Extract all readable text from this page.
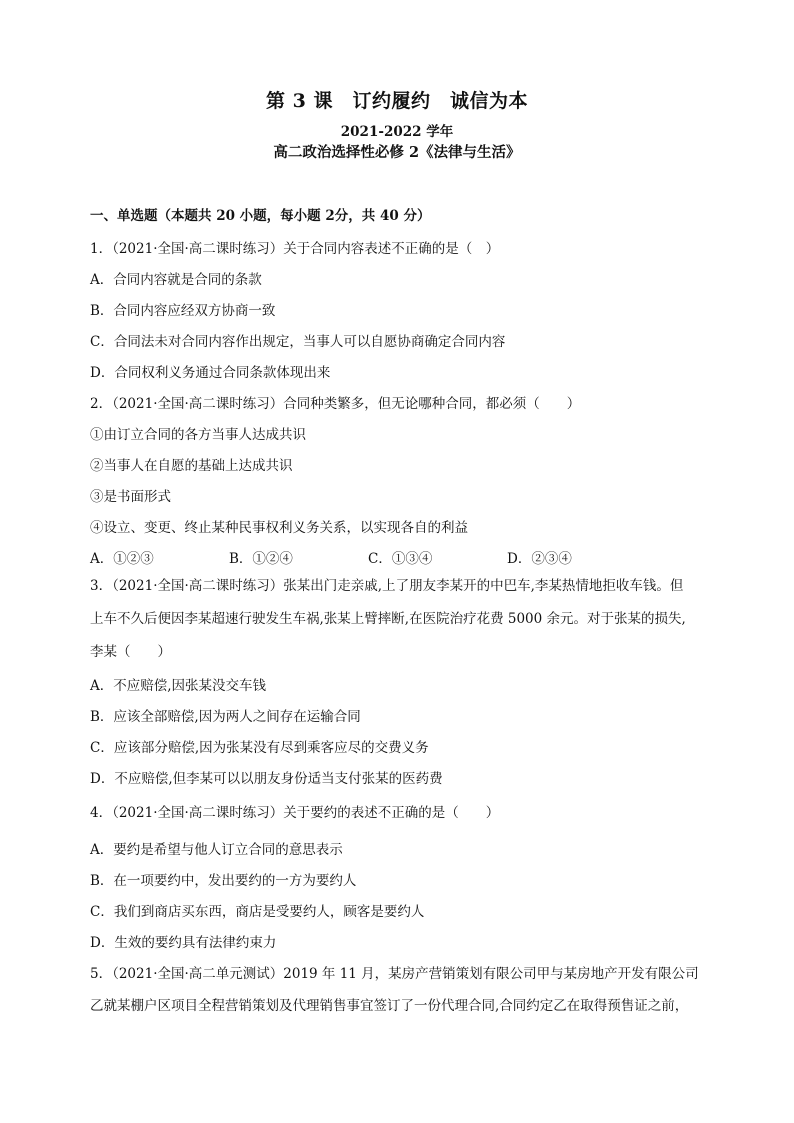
第 3 课　订约履约　诚信为本
2021-2022 学年
高二政治选择性必修 2《法律与生活》
一、单选题（本题共 20 小题，每小题 2分，共 40 分）
1．（2021·全国·高二课时练习）关于合同内容表述不正确的是（　）
A．合同内容就是合同的条款
B．合同内容应经双方协商一致
C．合同法未对合同内容作出规定，当事人可以自愿协商确定合同内容
D．合同权利义务通过合同条款体现出来
2．（2021·全国·高二课时练习）合同种类繁多，但无论哪种合同，都必须（　　）
①由订立合同的各方当事人达成共识
②当事人在自愿的基础上达成共识
③是书面形式
④设立、变更、终止某种民事权利义务关系，以实现各自的利益
A．①②③	B．①②④	C．①③④	D．②③④
3．（2021·全国·高二课时练习）张某出门走亲戚,上了朋友李某开的中巴车,李某热情地拒收车钱。但
上车不久后便因李某超速行驶发生车祸,张某上臂摔断,在医院治疗花费 5000 余元。对于张某的损失,
李某（　　）
A．不应赔偿,因张某没交车钱
B．应该全部赔偿,因为两人之间存在运输合同
C．应该部分赔偿,因为张某没有尽到乘客应尽的交费义务
D．不应赔偿,但李某可以以朋友身份适当支付张某的医药费
4．（2021·全国·高二课时练习）关于要约的表述不正确的是（　　）
A．要约是希望与他人订立合同的意思表示
B．在一项要约中，发出要约的一方为要约人
C．我们到商店买东西，商店是受要约人，顾客是要约人
D．生效的要约具有法律约束力
5．（2021·全国·高二单元测试）2019 年 11 月，某房产营销策划有限公司甲与某房地产开发有限公司
乙就某棚户区项目全程营销策划及代理销售事宜签订了一份代理合同,合同约定乙在取得预售证之前，
